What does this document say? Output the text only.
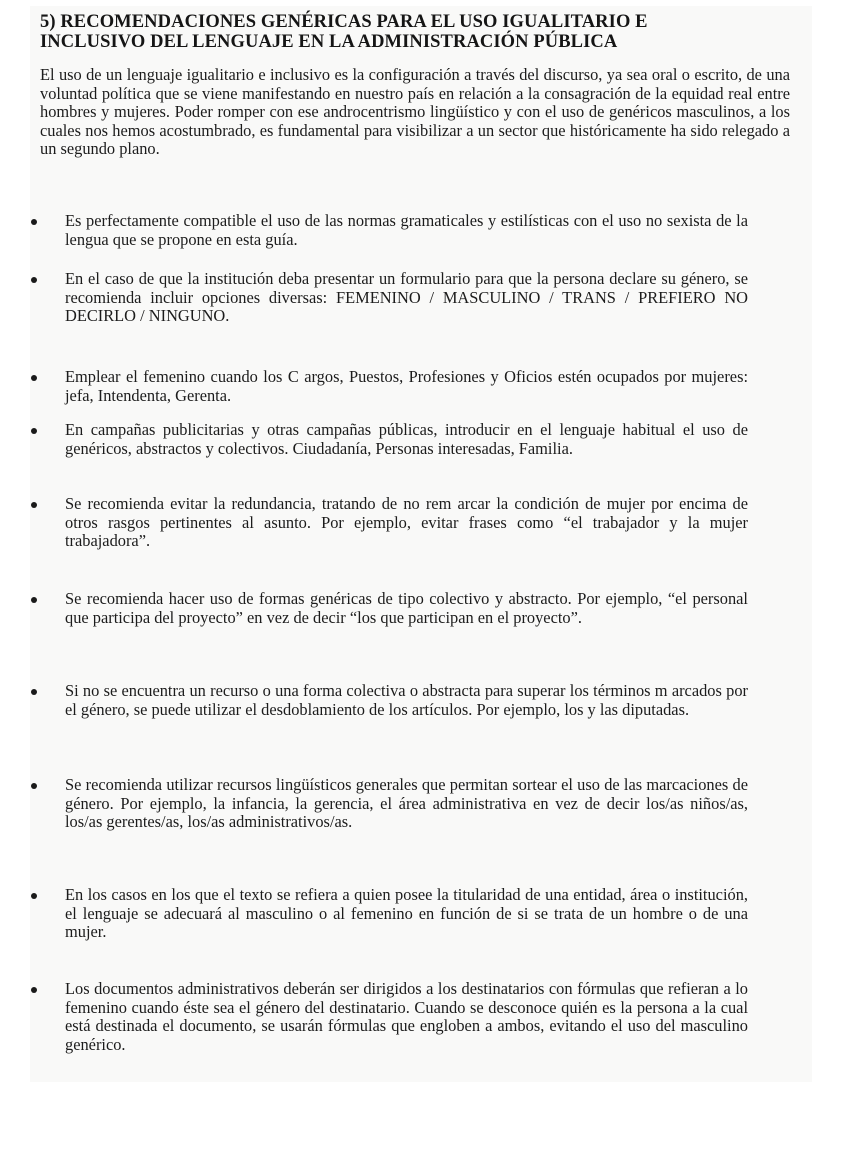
5) RECOMENDACIONES GENÉRICAS PARA EL USO IGUALITARIO E
INCLUSIVO DEL LENGUAJE EN LA ADMINISTRACIÓN PÚBLICA

El uso de un lenguaje igualitario e inclusivo es la configuración a través del discurso, ya sea oral o escrito, de una voluntad política que se viene manifestando en nuestro país en relación a la consagración de la equidad real entre hombres y mujeres. Poder romper con ese androcentrismo lingüístico y con el uso de genéricos masculinos, a los cuales nos hemos acostumbrado, es fundamental para visibilizar a un sector que históricamente ha sido relegado a un segundo plano.

Es perfectamente compatible el uso de las normas gramaticales y estilísticas con el uso no sexista de la lengua que se propone en esta guía.
En el caso de que la institución deba presentar un formulario para que la persona declare su género, se recomienda incluir opciones diversas: FEMENINO / MASCULINO / TRANS / PREFIERO NO DECIRLO / NINGUNO.
Emplear el femenino cuando los C argos, Puestos, Profesiones y Oficios estén ocupados por mujeres: jefa, Intendenta, Gerenta.
En campañas publicitarias y otras campañas públicas, introducir en el lenguaje habitual el uso de genéricos, abstractos y colectivos. Ciudadanía, Personas interesadas, Familia.
Se recomienda evitar la redundancia, tratando de no rem arcar la condición de mujer por encima de otros rasgos pertinentes al asunto. Por ejemplo, evitar frases como “el trabajador y la mujer trabajadora”.
Se recomienda hacer uso de formas genéricas de tipo colectivo y abstracto. Por ejemplo, “el personal que participa del proyecto” en vez de decir “los que participan en el proyecto”.
Si no se encuentra un recurso o una forma colectiva o abstracta para superar los términos m arcados por el género, se puede utilizar el desdoblamiento de los artículos. Por ejemplo, los y las diputadas.
Se recomienda utilizar recursos lingüísticos generales que permitan sortear el uso de las marcaciones de género. Por ejemplo, la infancia, la gerencia, el área administrativa en vez de decir los/as niños/as, los/as gerentes/as, los/as administrativos/as.
En los casos en los que el texto se refiera a quien posee la titularidad de una entidad, área o institución, el lenguaje se adecuará al masculino o al femenino en función de si se trata de un hombre o de una mujer.
Los documentos administrativos deberán ser dirigidos a los destinatarios con fórmulas que refieran a lo femenino cuando éste sea el género del destinatario. Cuando se desconoce quién es la persona a la cual está destinada el documento, se usarán fórmulas que engloben a ambos, evitando el uso del masculino genérico.
